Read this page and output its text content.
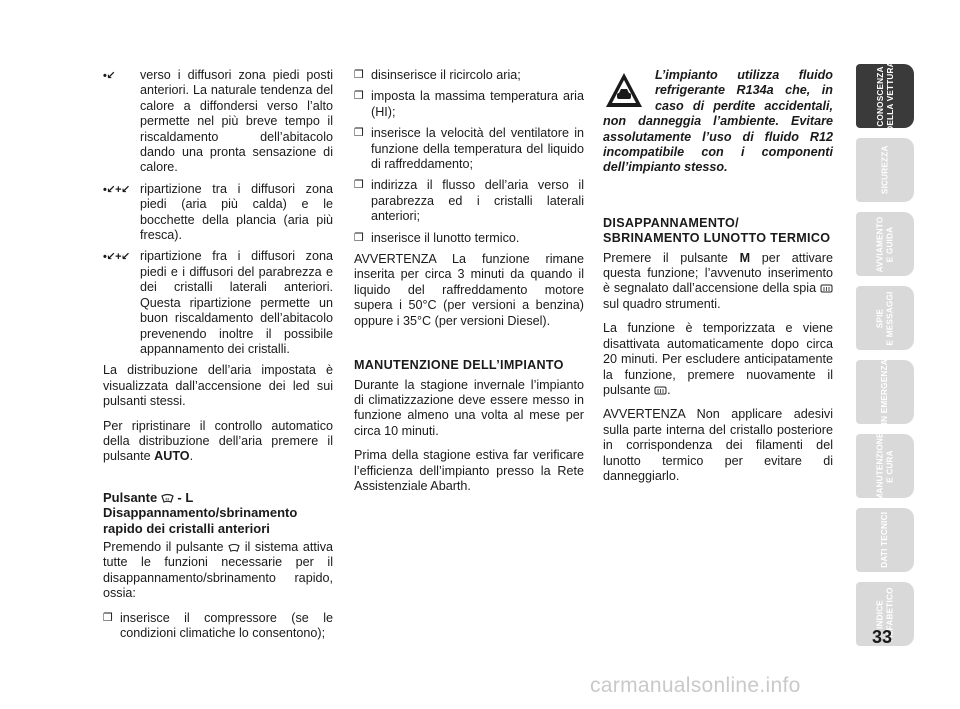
•↙	verso i diffusori zona piedi posti anteriori. La naturale tendenza del calore a diffondersi verso l’alto permette nel più breve tempo il riscaldamento dell’abitacolo dando una pronta sensazione di calore.
•↙+↙ ripartizione tra i diffusori zona piedi (aria più calda) e le bocchette della plancia (aria più fresca).
•↙+↙ ripartizione fra i diffusori zona piedi e i diffusori del parabrezza e dei cristalli laterali anteriori. Questa ripartizione permette un buon riscaldamento dell’abitacolo prevenendo inoltre il possibile appannamento dei cristalli.

La distribuzione dell’aria impostata è visualizzata dall’accensione dei led sui pulsanti stessi.

Per ripristinare il controllo automatico della distribuzione dell’aria premere il pulsante AUTO.

Pulsante  - L Disappannamento/sbrinamento rapido dei cristalli anteriori

Premendo il pulsante  il sistema attiva tutte le funzioni necessarie per il disappannamento/sbrinamento rapido, ossia:

❒ inserisce il compressore (se le condizioni climatiche lo consentono);
❒ disinserisce il ricircolo aria;
❒ imposta la massima temperatura aria (HI);
❒ inserisce la velocità del ventilatore in funzione della temperatura del liquido di raffreddamento;
❒ indirizza il flusso dell’aria verso il parabrezza ed i cristalli laterali anteriori;
❒ inserisce il lunotto termico.

AVVERTENZA La funzione rimane inserita per circa 3 minuti da quando il liquido del raffreddamento motore supera i 50°C (per versioni a benzina) oppure i 35°C (per versioni Diesel).

MANUTENZIONE DELL’IMPIANTO

Durante la stagione invernale l’impianto di climatizzazione deve essere messo in funzione almeno una volta al mese per circa 10 minuti.

Prima della stagione estiva far verificare l’efficienza dell’impianto presso la Rete Assistenziale Abarth.

L’impianto utilizza fluido refrigerante R134a che, in caso di perdite accidentali, non danneggia l’ambiente. Evitare assolutamente l’uso di fluido R12 incompatibile con i componenti dell’impianto stesso.
DISAPPANNAMENTO/ SBRINAMENTO LUNOTTO TERMICO

Premere il pulsante M per attivare questa funzione; l’avvenuto inserimento è segnalato dall’accensione della spia  sul quadro strumenti.

La funzione è temporizzata e viene disattivata automaticamente dopo circa 20 minuti. Per escludere anticipatamente la funzione, premere nuovamente il pulsante .

AVVERTENZA Non applicare adesivi sulla parte interna del cristallo posteriore in corrispondenza dei filamenti del lunotto termico per evitare di danneggiarlo.

CONOSCENZA
DELLA VETTURA
SICUREZZA
AVVIAMENTO
E GUIDA
SPIE
E MESSAGGI
IN EMERGENZA
MANUTENZIONE
E CURA
DATI TECNICI
INDICE
ALFABETICO
33
carmanualsonline.info
